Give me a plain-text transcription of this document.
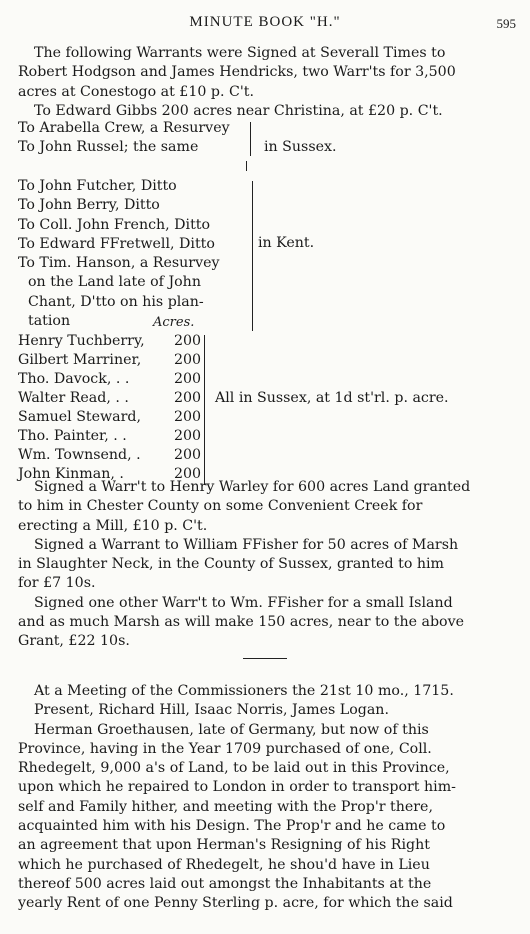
MINUTE BOOK "H."	595
The following Warrants were Signed at Severall Times to
Robert Hodgson and James Hendricks, two Warr'ts for 3,500
acres at Conestogo at £10 p. C't.
To Edward Gibbs 200 acres near Christina, at £20 p. C't.
To Arabella Crew, a Resurvey
To John Russel; the same	in Sussex.
To John Futcher, Ditto
To John Berry, Ditto
To Coll. John French, Ditto
To Edward FFretwell, Ditto
To Tim. Hanson, a Resurvey
on the Land late of John
Chant, D'tto on his plan-
tation
in Kent.
Acres.
Henry Tuchberry, 200
Gilbert Marriner, 200
Tho. Davock, . .	200
Walter Read, . .	200
Samuel Steward, 200
Tho. Painter, . .	200
Wm. Townsend, . 200
John Kinman, .	200
All in Sussex, at 1d st'rl. p. acre.
Signed a Warr't to Henry Warley for 600 acres Land granted
to him in Chester County on some Convenient Creek for
erecting a Mill, £10 p. C't.
Signed a Warrant to William FFisher for 50 acres of Marsh
in Slaughter Neck, in the County of Sussex, granted to him
for £7 10s.
Signed one other Warr't to Wm. FFisher for a small Island
and as much Marsh as will make 150 acres, near to the above
Grant, £22 10s.
At a Meeting of the Commissioners the 21st 10 mo., 1715.
Present, Richard Hill, Isaac Norris, James Logan.
Herman Groethausen, late of Germany, but now of this
Province, having in the Year 1709 purchased of one, Coll.
Rhedegelt, 9,000 a's of Land, to be laid out in this Province,
upon which he repaired to London in order to transport him-
self and Family hither, and meeting with the Prop'r there,
acquainted him with his Design. The Prop'r and he came to
an agreement that upon Herman's Resigning of his Right
which he purchased of Rhedegelt, he shou'd have in Lieu
thereof 500 acres laid out amongst the Inhabitants at the
yearly Rent of one Penny Sterling p. acre, for which the said
